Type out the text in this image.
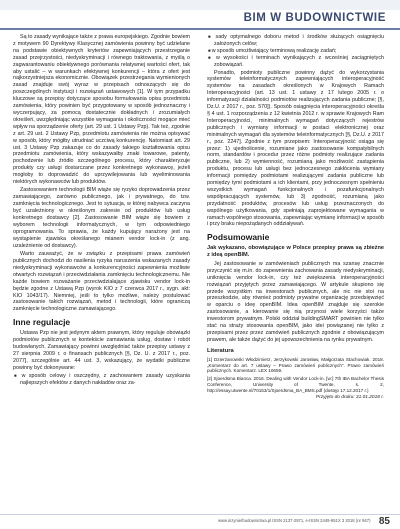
BIM W BUDOWNICTWIE

Są to zasady wynikające także z prawa europejskiego. Zgodnie bowiem z motywem 90 Dyrektywy Klasycznej zamówienia powinny być udzielane na podstawie obiektywnych kryteriów zapewniających przestrzeganie zasad przejrzystości, niedyskryminacji i równego traktowania, z myślą o zagwarantowaniu obiektywnego porównania relatywnej wartości ofert, tak aby ustalić – w warunkach efektywnej konkurencji – która z ofert jest najkorzystniejsza ekonomicznie. Obowiązek przestrzegania wymienionych zasad znajduje swój wyraz w przepisach odnoszących się do poszczególnych instytucji i rozwiązań ustawowych [1]. W tym przypadku kluczowe są przepisy dotyczące sposobu formułowania opisu przedmiotu zamówienia, który powinien być przygotowany w sposób jednoznaczny i wyczerpujący, za pomocą dostatecznie dokładnych i zrozumiałych określeń, uwzględniając wszystkie wymagania i okoliczności mogące mieć wpływ na sporządzenie oferty (art. 29 ust. 1 Ustawy Pzp). Tak też, zgodnie z art. 29 ust. 2 Ustawy Pzp, przedmiotu zamówienia nie można opisywać w sposób, który mógłby utrudniać uczciwą konkurencję. Natomiast art. 29 ust. 3 Ustawy Pzp zakazuje co do zasady takiego kształtowania opisu przedmiotu zamówienia, który wskazywałby znaki towarowe, patenty, pochodzenie lub źródło szczególnego procesu, który charakteryzuje produkty czy usługi dostarczane przez konkretnego wykonawcę, jeżeli mogłoby to doprowadzić do uprzywilejowania lub wyeliminowania niektórych wykonawców lub produktów.

Zastosowaniem technologii BIM wiąże się ryzyko doprowadzenia przez zamawiającego, zarówno publicznego, jak i prywatnego, do tzw. zamknięcia technologicznego. Jest to sytuacja, w której nabywca zaczyna być uzależniony w określonym zakresie od produktów lub usług konkretnego dostawcy [2]. Zastosowanie BIM wiąże się bowiem z wyborem technologii informatycznych, w tym odpowiedniego oprogramowania. To sprawia, że każdy kupujący narażony jest na wystąpienie zjawiska określanego mianem vendor lock-in (z ang. uzależnienie od dostawcy).

Warto zauważyć, że w związku z przepisami prawa zamówień publicznych dochodzi do nasilenia ryzyka naruszenia wskazanych zasady niedyskryminacji wykonawców a konkurencyjności zapewnienia możliwie otwartych rozwiązań i przeciwdziałania zamknięciu technologicznemu. Nie każde bowiem rozważanie przeciwdziałające zjawisku vendor lock-in będzie zgodne z Ustawą Pzp (wyrok KIO z 7 czerwca 2017 r., sygn. akt: KIO 1043/17). Niemniej, jeśli to tylko możliwe, należy postulować zastosowanie takich rozwiązań, metod i technologii, które ograniczą zamknięcie technologiczne zamawiającego.

Inne regulacje

Ustawa Pzp nie jest jedynym aktem prawnym, który reguluje obowiązki podmiotów publicznych w kontekście zamawiania usług, dostaw i robót budowlanych. Zamawiający powinni uwzględniać także przepisy ustawy z 27 sierpnia 2009 r. o finansach publicznych [§, Dz. U. z 2017 r., poz. 2077], szczególnie art. 44 ust. 3, wskazujący, że wydatki publiczne powinny być dokonywane:

■ w sposób celowy i oszczędny, z zachowaniem zasady uzyskania najlepszych efektów z danych nakładów oraz za-
■ sady optymalnego doboru metod i środków służących osiągnięciu założonych celów;
■ w sposób umożliwiający terminową realizację zadań;
■ w wysokości i terminach wynikających z wcześniej zaciągniętych zobowiązań.

Ponadto, podmioty publiczne powinny dążyć do wykorzystania systemów teleinformatycznych zapewniających interoperacyjność systemów na zasadach określonych w Krajowych Ramach Interoperacyjności (art. 13 ust. 1 ustawy z 17 lutego 2005 r. o informatyzacji działalności podmiotów realizujących zadania publiczne; [§, Dz.U. z 2017 r., poz. 570]). Sposób osiągnięcia interoperacyjności określa § 4 ust. 1 rozporządzenia z 12 kwietnia 2012 r. w sprawie Krajowych Ram Interoperacyjności, minimalnych wymagań dotyczących rejestrów publicznych i wymiany informacji w postaci elektronicznej oraz minimalnych wymagań dla systemów teleinformatycznych [§, Dz.U. z 2017 r., poz. 2247]. Zgodnie z tym przepisem: Interoperacyjność osiąga się przez: 1) ujednolicenie, rozumiane jako zastosowanie kompatybilnych norm, standardów i procedur przez różne podmioty realizujące zadania publiczne, lub 2) wymienność, rozumianą jako możliwość zastąpienia produktu, procesu lub usługi bez jednoczesnego zakłócenia wymiany informacji pomiędzy podmiotami realizującymi zadania publiczne lub pomiędzy tymi podmiotami a ich klientami, przy jednoczesnym spełnieniu wszystkich wymagań funkcjonalnych i pozafunkcjonalnych współpracujących systemów, lub 3) zgodność, rozumianą jako przydatność produktów, procesów lub usług przeznaczonych do wspólnego użytkowania, gdy spełniają zaprojektowane wymagania w ramach wspólnego stosowania, zapewniając wymianę informacji w sposób i przy braku niepożądanych oddziaływań.

Podsumowanie

Jak wykazano, obowiązujące w Polsce przepisy prawa są zbieżne z ideą openBIM.

Jej zastosowanie w zamówieniach publicznych ma szansę znacznie przyczynić się m.in. do zapewnienia zachowania zasady niedyskryminacji, uniknięcia vendor lock-in, czy też zwiększenia interoperacyjności rozwiązań przyjętych przez zamawiającego. W artykule skupiono się przede wszystkim na inwestorach publicznych, ale nic nie stoi na przeszkodzie, aby również podmioty prywatne organizację przedsięwzięć w oparciu o ideę openBIM. Idea openBIM znajduje się szerokie zastosowanie, a kierowanie się nią przynosi wiele korzyści także inwestorom prywatnym. Polski oddział buildingSMART powinien nie tylko stać na straży stosowania openBIM, jako idei powiązanej nie tylko z przepisami przez przez zamówień publicznych zgodnie z obowiązującym prawem, ale także dążyć do jej upowszechnienia na rynku prywatnym.

Literatura

[1] Dzierżanowski Włodzimierz, Jerzykowski Jarosław, Małgorzata Stachowiak. 2018. „Komentarz do art. 7 ustawy – Prawo zamówień publicznych”. Prawo zamówień publicznych. Komentarz. LEX 10659.

[2] Sjoerdsma Bianca. 2016. Dealing with Vendor Lock-in. [w:] 7th IBA Bachelor Thesis Conference, University of Twente, s. 2, http://essay.utwente.nl/70153/1/Sjoerdsma_BA_BMS.pdf (dostęp 17.12.2017 r.)

Przyjęto do druku: 31.01.2018 r.

www.inzynierbudownictwa.pl ISSN 2137-2971, e-ISSN 2449-951X 3 2018 (nr 947) 85
